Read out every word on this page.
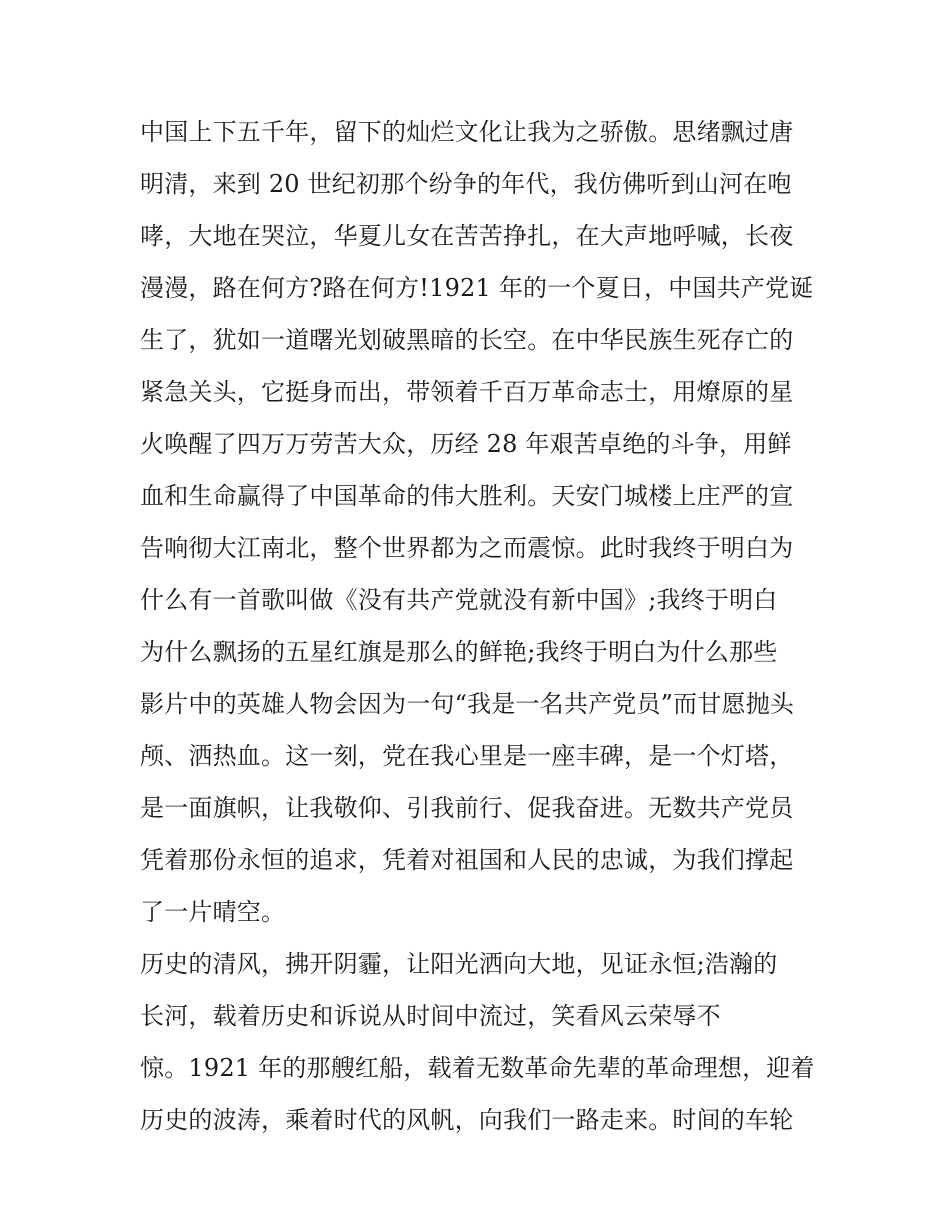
中国上下五千年，留下的灿烂文化让我为之骄傲。思绪飘过唐
明清，来到 20 世纪初那个纷争的年代，我仿佛听到山河在咆
哮，大地在哭泣，华夏儿女在苦苦挣扎，在大声地呼喊，长夜
漫漫，路在何方?路在何方!1921 年的一个夏日，中国共产党诞
生了，犹如一道曙光划破黑暗的长空。在中华民族生死存亡的
紧急关头，它挺身而出，带领着千百万革命志士，用燎原的星
火唤醒了四万万劳苦大众，历经 28 年艰苦卓绝的斗争，用鲜
血和生命赢得了中国革命的伟大胜利。天安门城楼上庄严的宣
告响彻大江南北，整个世界都为之而震惊。此时我终于明白为
什么有一首歌叫做《没有共产党就没有新中国》;我终于明白
为什么飘扬的五星红旗是那么的鲜艳;我终于明白为什么那些
影片中的英雄人物会因为一句“我是一名共产党员”而甘愿抛头
颅、洒热血。这一刻，党在我心里是一座丰碑，是一个灯塔，
是一面旗帜，让我敬仰、引我前行、促我奋进。无数共产党员
凭着那份永恒的追求，凭着对祖国和人民的忠诚，为我们撑起
了一片晴空。
历史的清风，拂开阴霾，让阳光洒向大地，见证永恒;浩瀚的
长河，载着历史和诉说从时间中流过，笑看风云荣辱不
惊。1921 年的那艘红船，载着无数革命先辈的革命理想，迎着
历史的波涛，乘着时代的风帆，向我们一路走来。时间的车轮
